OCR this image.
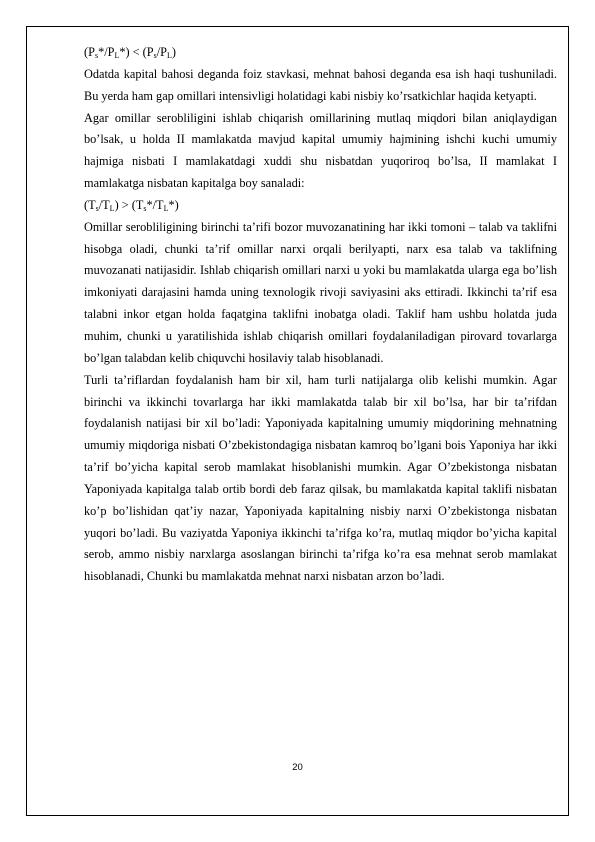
$(P_s*/P_L*) < (P_s/P_L)$

Odatda kapital bahosi deganda foiz stavkasi, mehnat bahosi deganda esa ish haqi tushuniladi. Bu yerda ham gap omillari intensivligi holatidagi kabi nisbiy ko’rsatkichlar haqida ketyapti.

Agar omillar serobliligini ishlab chiqarish omillarining mutlaq miqdori bilan aniqlaydigan bo’lsak, u holda II mamlakatda mavjud kapital umumiy hajmining ishchi kuchi umumiy hajmiga nisbati I mamlakatdagi xuddi shu nisbatdan yuqoriroq bo’lsa, II mamlakat I mamlakatga nisbatan kapitalga boy sanaladi:

$(T_s/T_L) > (T_s*/T_L*)$

Omillar serobliligining birinchi ta’rifi bozor muvozanatining har ikki tomoni – talab va taklifni hisobga oladi, chunki ta’rif omillar narxi orqali berilyapti, narx esa talab va taklifning muvozanati natijasidir. Ishlab chiqarish omillari narxi u yoki bu mamlakatda ularga ega bo’lish imkoniyati darajasini hamda uning texnologik rivoji saviyasini aks ettiradi. Ikkinchi ta’rif esa talabni inkor etgan holda faqatgina taklifni inobatga oladi. Taklif ham ushbu holatda juda muhim, chunki u yaratilishida ishlab chiqarish omillari foydalaniladigan pirovard tovarlarga bo’lgan talabdan kelib chiquvchi hosilaviy talab hisoblanadi.

Turli ta’riflardan foydalanish ham bir xil, ham turli natijalarga olib kelishi mumkin. Agar birinchi va ikkinchi tovarlarga har ikki mamlakatda talab bir xil bo’lsa, har bir ta’rifdan foydalanish natijasi bir xil bo’ladi: Yaponiyada kapitalning umumiy miqdorining mehnatning umumiy miqdoriga nisbati O’zbekistondagiga nisbatan kamroq bo’lgani bois Yaponiya har ikki ta’rif bo’yicha kapital serob mamlakat hisoblanishi mumkin. Agar O’zbekistonga nisbatan Yaponiyada kapitalga talab ortib bordi deb faraz qilsak, bu mamlakatda kapital taklifi nisbatan ko’p bo’lishidan qat’iy nazar, Yaponiyada kapitalning nisbiy narxi O’zbekistonga nisbatan yuqori bo’ladi. Bu vaziyatda Yaponiya ikkinchi ta’rifga ko’ra, mutlaq miqdor bo’yicha kapital serob, ammo nisbiy narxlarga asoslangan birinchi ta’rifga ko’ra esa mehnat serob mamlakat hisoblanadi, Chunki bu mamlakatda mehnat narxi nisbatan arzon bo’ladi.

20
